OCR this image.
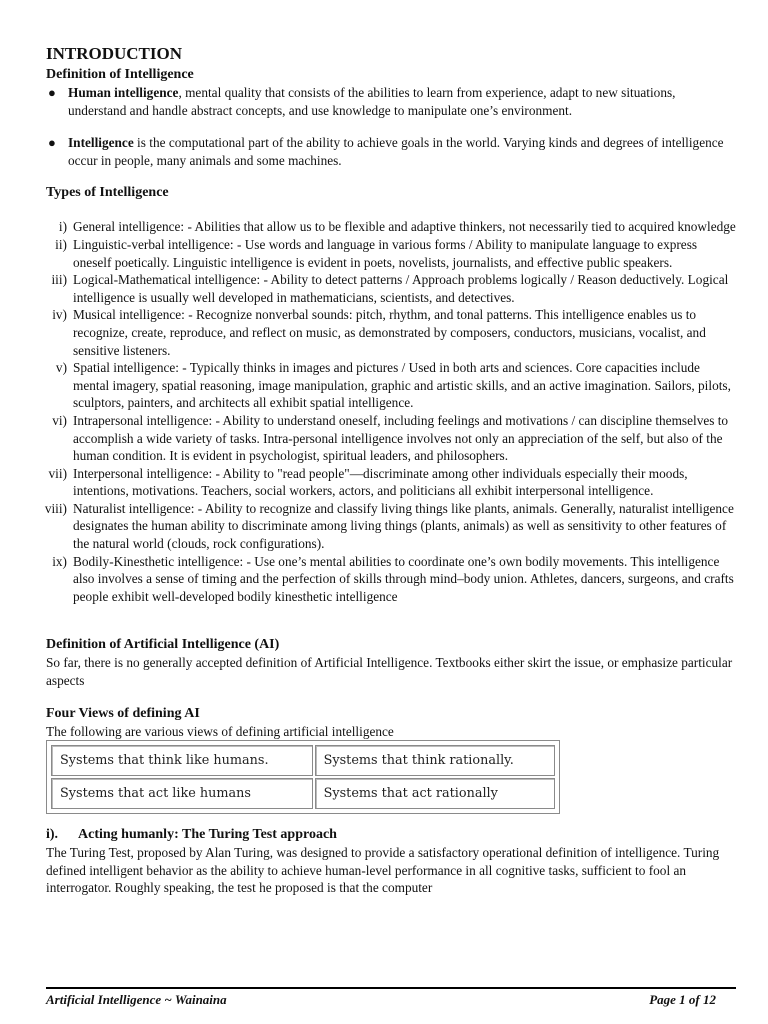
INTRODUCTION

Definition of Intelligence

● Human intelligence, mental quality that consists of the abilities to learn from experience, adapt to new situations, understand and handle abstract concepts, and use knowledge to manipulate one’s environment.
● Intelligence is the computational part of the ability to achieve goals in the world. Varying kinds and degrees of intelligence occur in people, many animals and some machines.

Types of Intelligence

i) General intelligence: - Abilities that allow us to be flexible and adaptive thinkers, not necessarily tied to acquired knowledge
ii) Linguistic-verbal intelligence: - Use words and language in various forms / Ability to manipulate language to express oneself poetically. Linguistic intelligence is evident in poets, novelists, journalists, and effective public speakers.
iii) Logical-Mathematical intelligence: - Ability to detect patterns / Approach problems logically / Reason deductively. Logical intelligence is usually well developed in mathematicians, scientists, and detectives.
iv) Musical intelligence: - Recognize nonverbal sounds: pitch, rhythm, and tonal patterns. This intelligence enables us to recognize, create, reproduce, and reflect on music, as demonstrated by composers, conductors, musicians, vocalist, and sensitive listeners.
v) Spatial intelligence: - Typically thinks in images and pictures / Used in both arts and sciences. Core capacities include mental imagery, spatial reasoning, image manipulation, graphic and artistic skills, and an active imagination. Sailors, pilots, sculptors, painters, and architects all exhibit spatial intelligence.
vi) Intrapersonal intelligence: - Ability to understand oneself, including feelings and motivations / can discipline themselves to accomplish a wide variety of tasks. Intra-personal intelligence involves not only an appreciation of the self, but also of the human condition. It is evident in psychologist, spiritual leaders, and philosophers.
vii) Interpersonal intelligence: - Ability to "read people"—discriminate among other individuals especially their moods, intentions, motivations. Teachers, social workers, actors, and politicians all exhibit interpersonal intelligence.
viii) Naturalist intelligence: - Ability to recognize and classify living things like plants, animals. Generally, naturalist intelligence designates the human ability to discriminate among living things (plants, animals) as well as sensitivity to other features of the natural world (clouds, rock configurations).
ix) Bodily-Kinesthetic intelligence: - Use one’s mental abilities to coordinate one’s own bodily movements. This intelligence also involves a sense of timing and the perfection of skills through mind–body union. Athletes, dancers, surgeons, and crafts people exhibit well-developed bodily kinesthetic intelligence

Definition of Artificial Intelligence (AI)

So far, there is no generally accepted definition of Artificial Intelligence. Textbooks either skirt the issue, or emphasize particular aspects

Four Views of defining AI

The following are various views of defining artificial intelligence

Systems that think like humans.	Systems that think rationally.
Systems that act like humans	Systems that act rationally

i). Acting humanly: The Turing Test approach

The Turing Test, proposed by Alan Turing, was designed to provide a satisfactory operational definition of intelligence. Turing defined intelligent behavior as the ability to achieve human-level performance in all cognitive tasks, sufficient to fool an interrogator. Roughly speaking, the test he proposed is that the computer

Artificial Intelligence ~ Wainaina	Page 1 of 12
